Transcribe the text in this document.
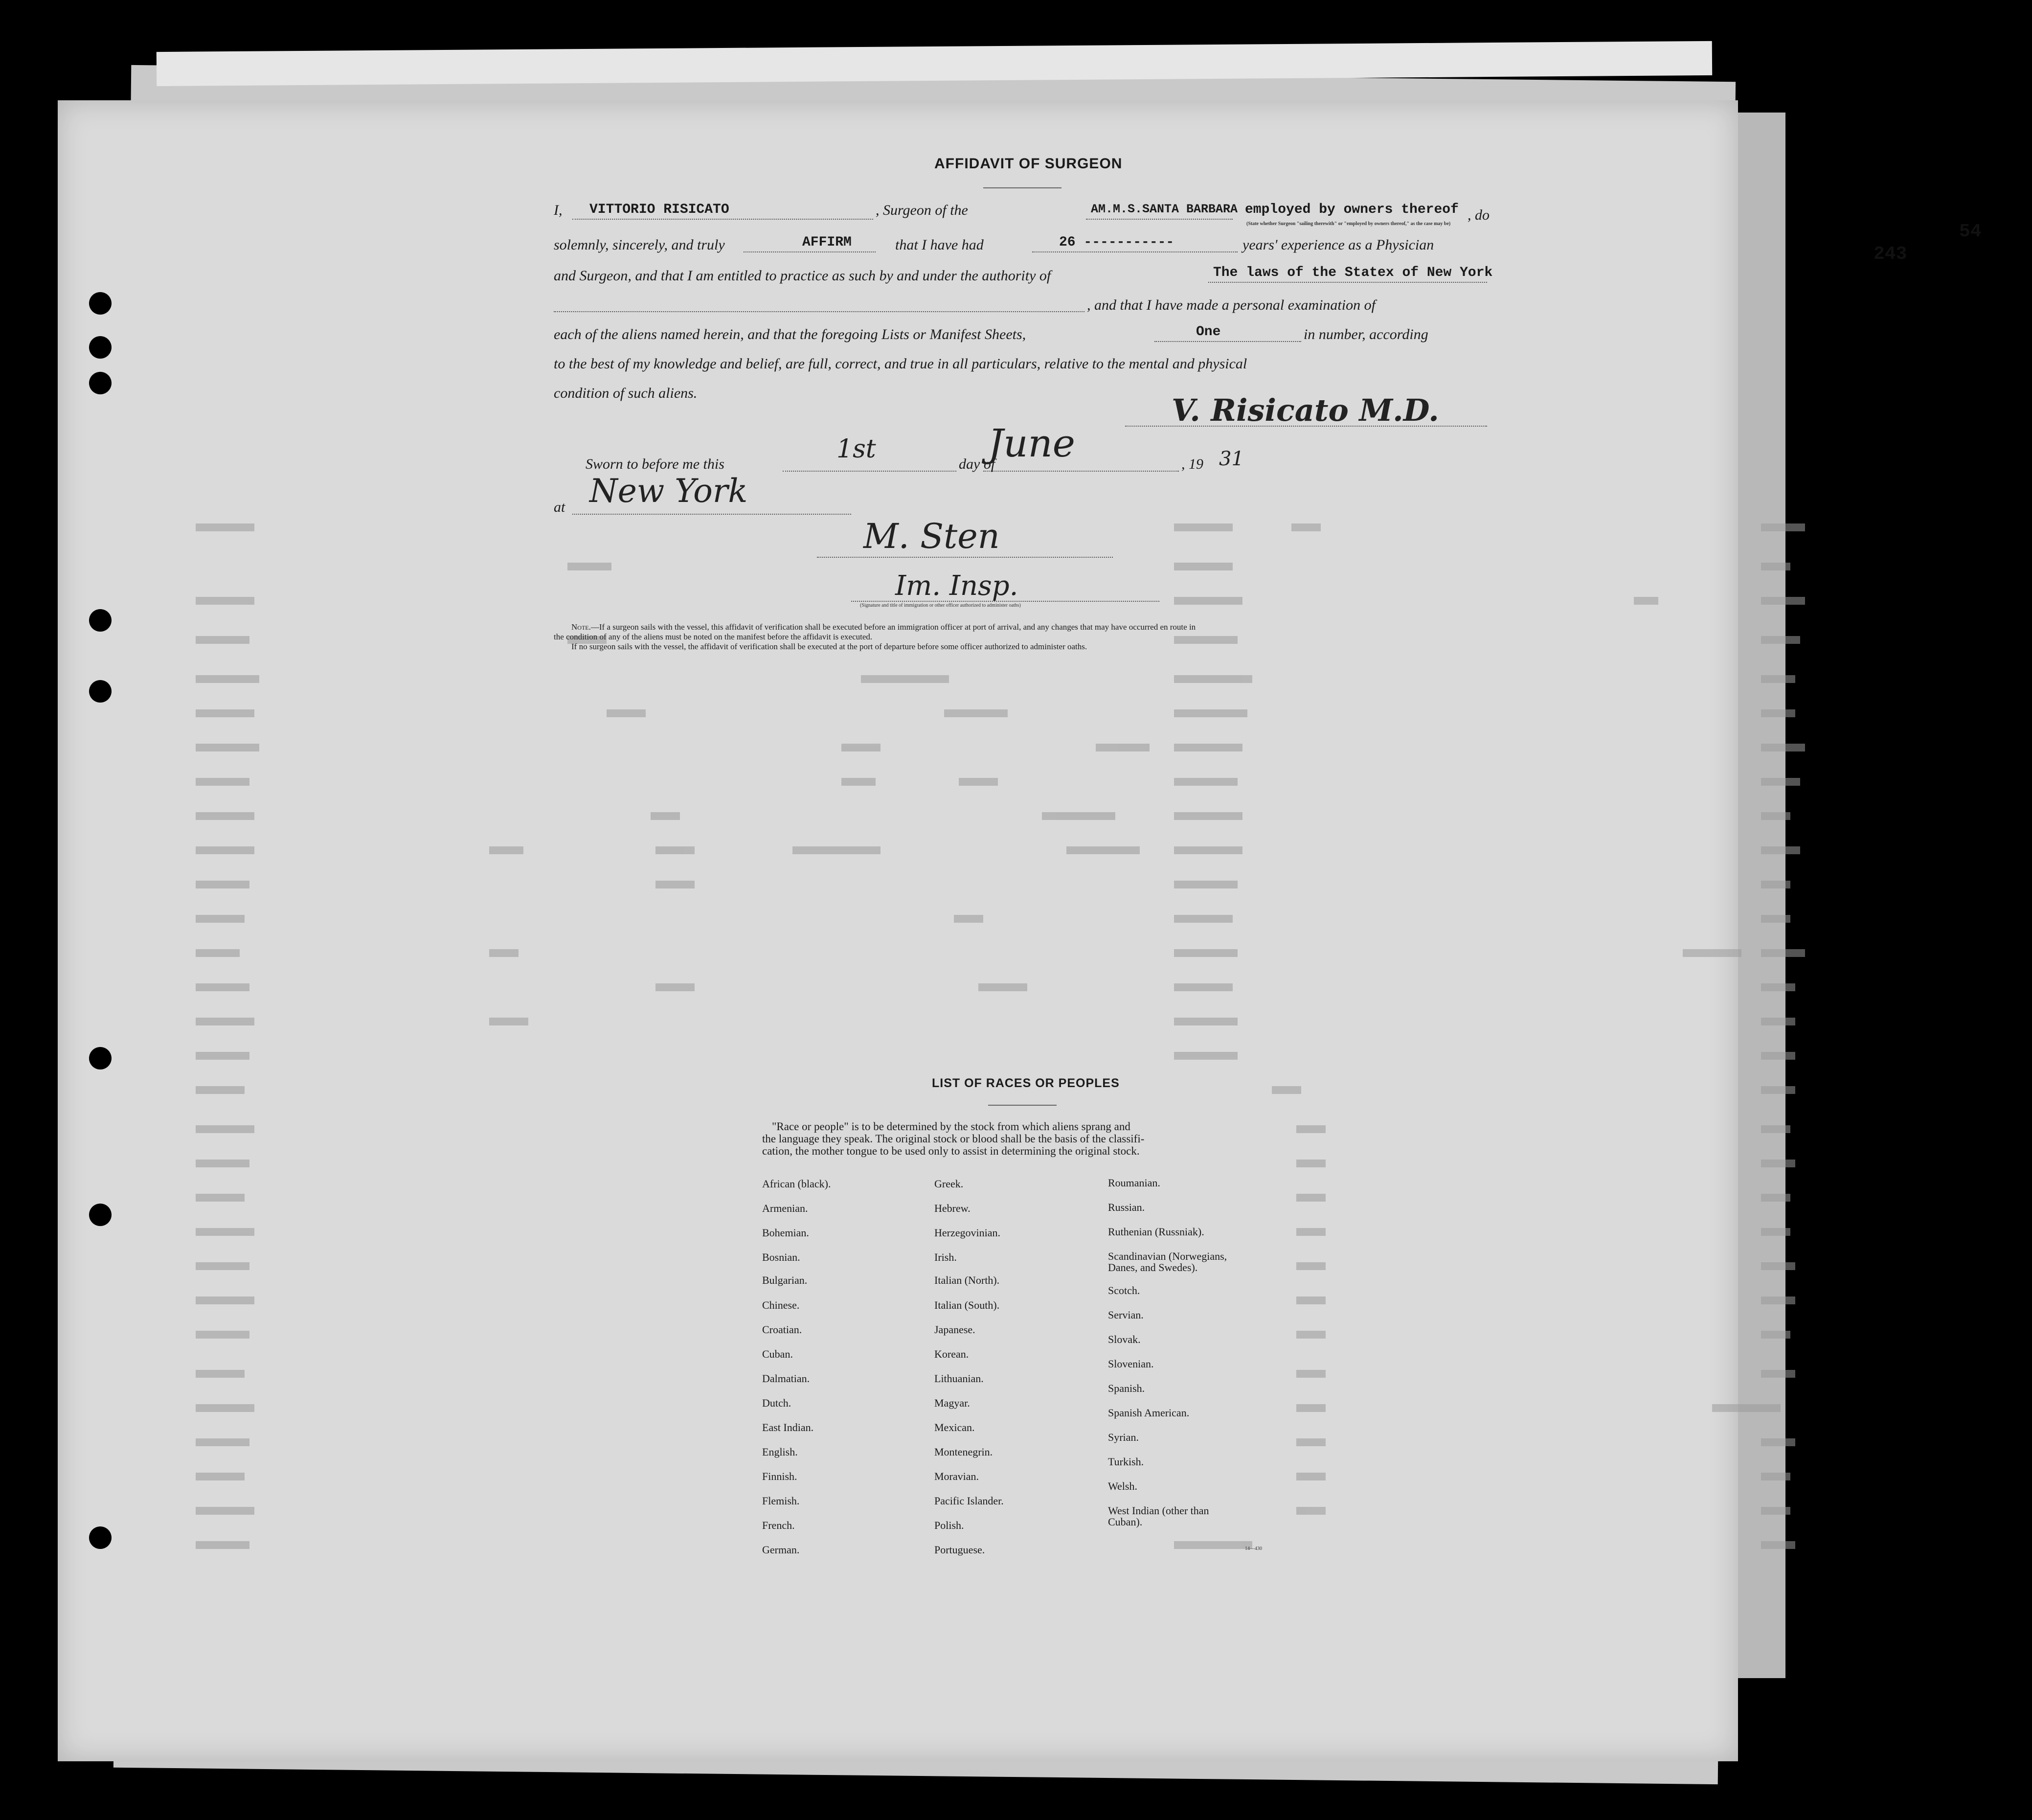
243
54
AFFIDAVIT OF SURGEON
I, VITTORIO RISICATO	, Surgeon of the	AM.M.S.SANTA BARBARA employed by owners thereof , do
(State whether Surgeon "sailing therewith" or "employed by owners thereof," as the case may be)
solemnly, sincerely, and truly	AFFIRM	that I have had	26 -----------	years' experience as a Physician
and Surgeon, and that I am entitled to practice as such by and under the authority of	The laws of the Statex of New York
, and that I have made a personal examination of
each of the aliens named herein, and that the foregoing Lists or Manifest Sheets,	One	in number, according
to the best of my knowledge and belief, are full, correct, and true in all particulars, relative to the mental and physical
condition of such aliens.	V. Risicato M.D.
Sworn to before me this
1st
day of
June	, 19 31
at New York
M. Sten
Im. Insp.
(Signature and title of immigration or other officer authorized to administer oaths)
Note.—If a surgeon sails with the vessel, this affidavit of verification shall be executed before an immigration officer at port of arrival, and any changes that may have occurred en route in
the condition of any of the aliens must be noted on the manifest before the affidavit is executed.
If no surgeon sails with the vessel, the affidavit of verification shall be executed at the port of departure before some officer authorized to administer oaths.
LIST OF RACES OR PEOPLES
"Race or people" is to be determined by the stock from which aliens sprang and
the language they speak. The original stock or blood shall be the basis of the classifi-
cation, the mother tongue to be used only to assist in determining the original stock.
African (black).
Armenian.
Bohemian.
Bosnian.
Bulgarian.
Chinese.
Croatian.
Cuban.
Dalmatian.
Dutch.
East Indian.
English.
Finnish.
Flemish.
French.
German.
Greek.
Hebrew.
Herzegovinian.
Irish.
Italian (North).
Italian (South).
Japanese.
Korean.
Lithuanian.
Magyar.
Mexican.
Montenegrin.
Moravian.
Pacific Islander.
Polish.
Portuguese.
Roumanian.
Russian.
Ruthenian (Russniak).
Scandinavian (Norwegians,
Danes, and Swedes).
Scotch.
Servian.
Slovak.
Slovenian.
Spanish.
Spanish American.
Syrian.
Turkish.
Welsh.
West Indian (other than
Cuban).
14—430
